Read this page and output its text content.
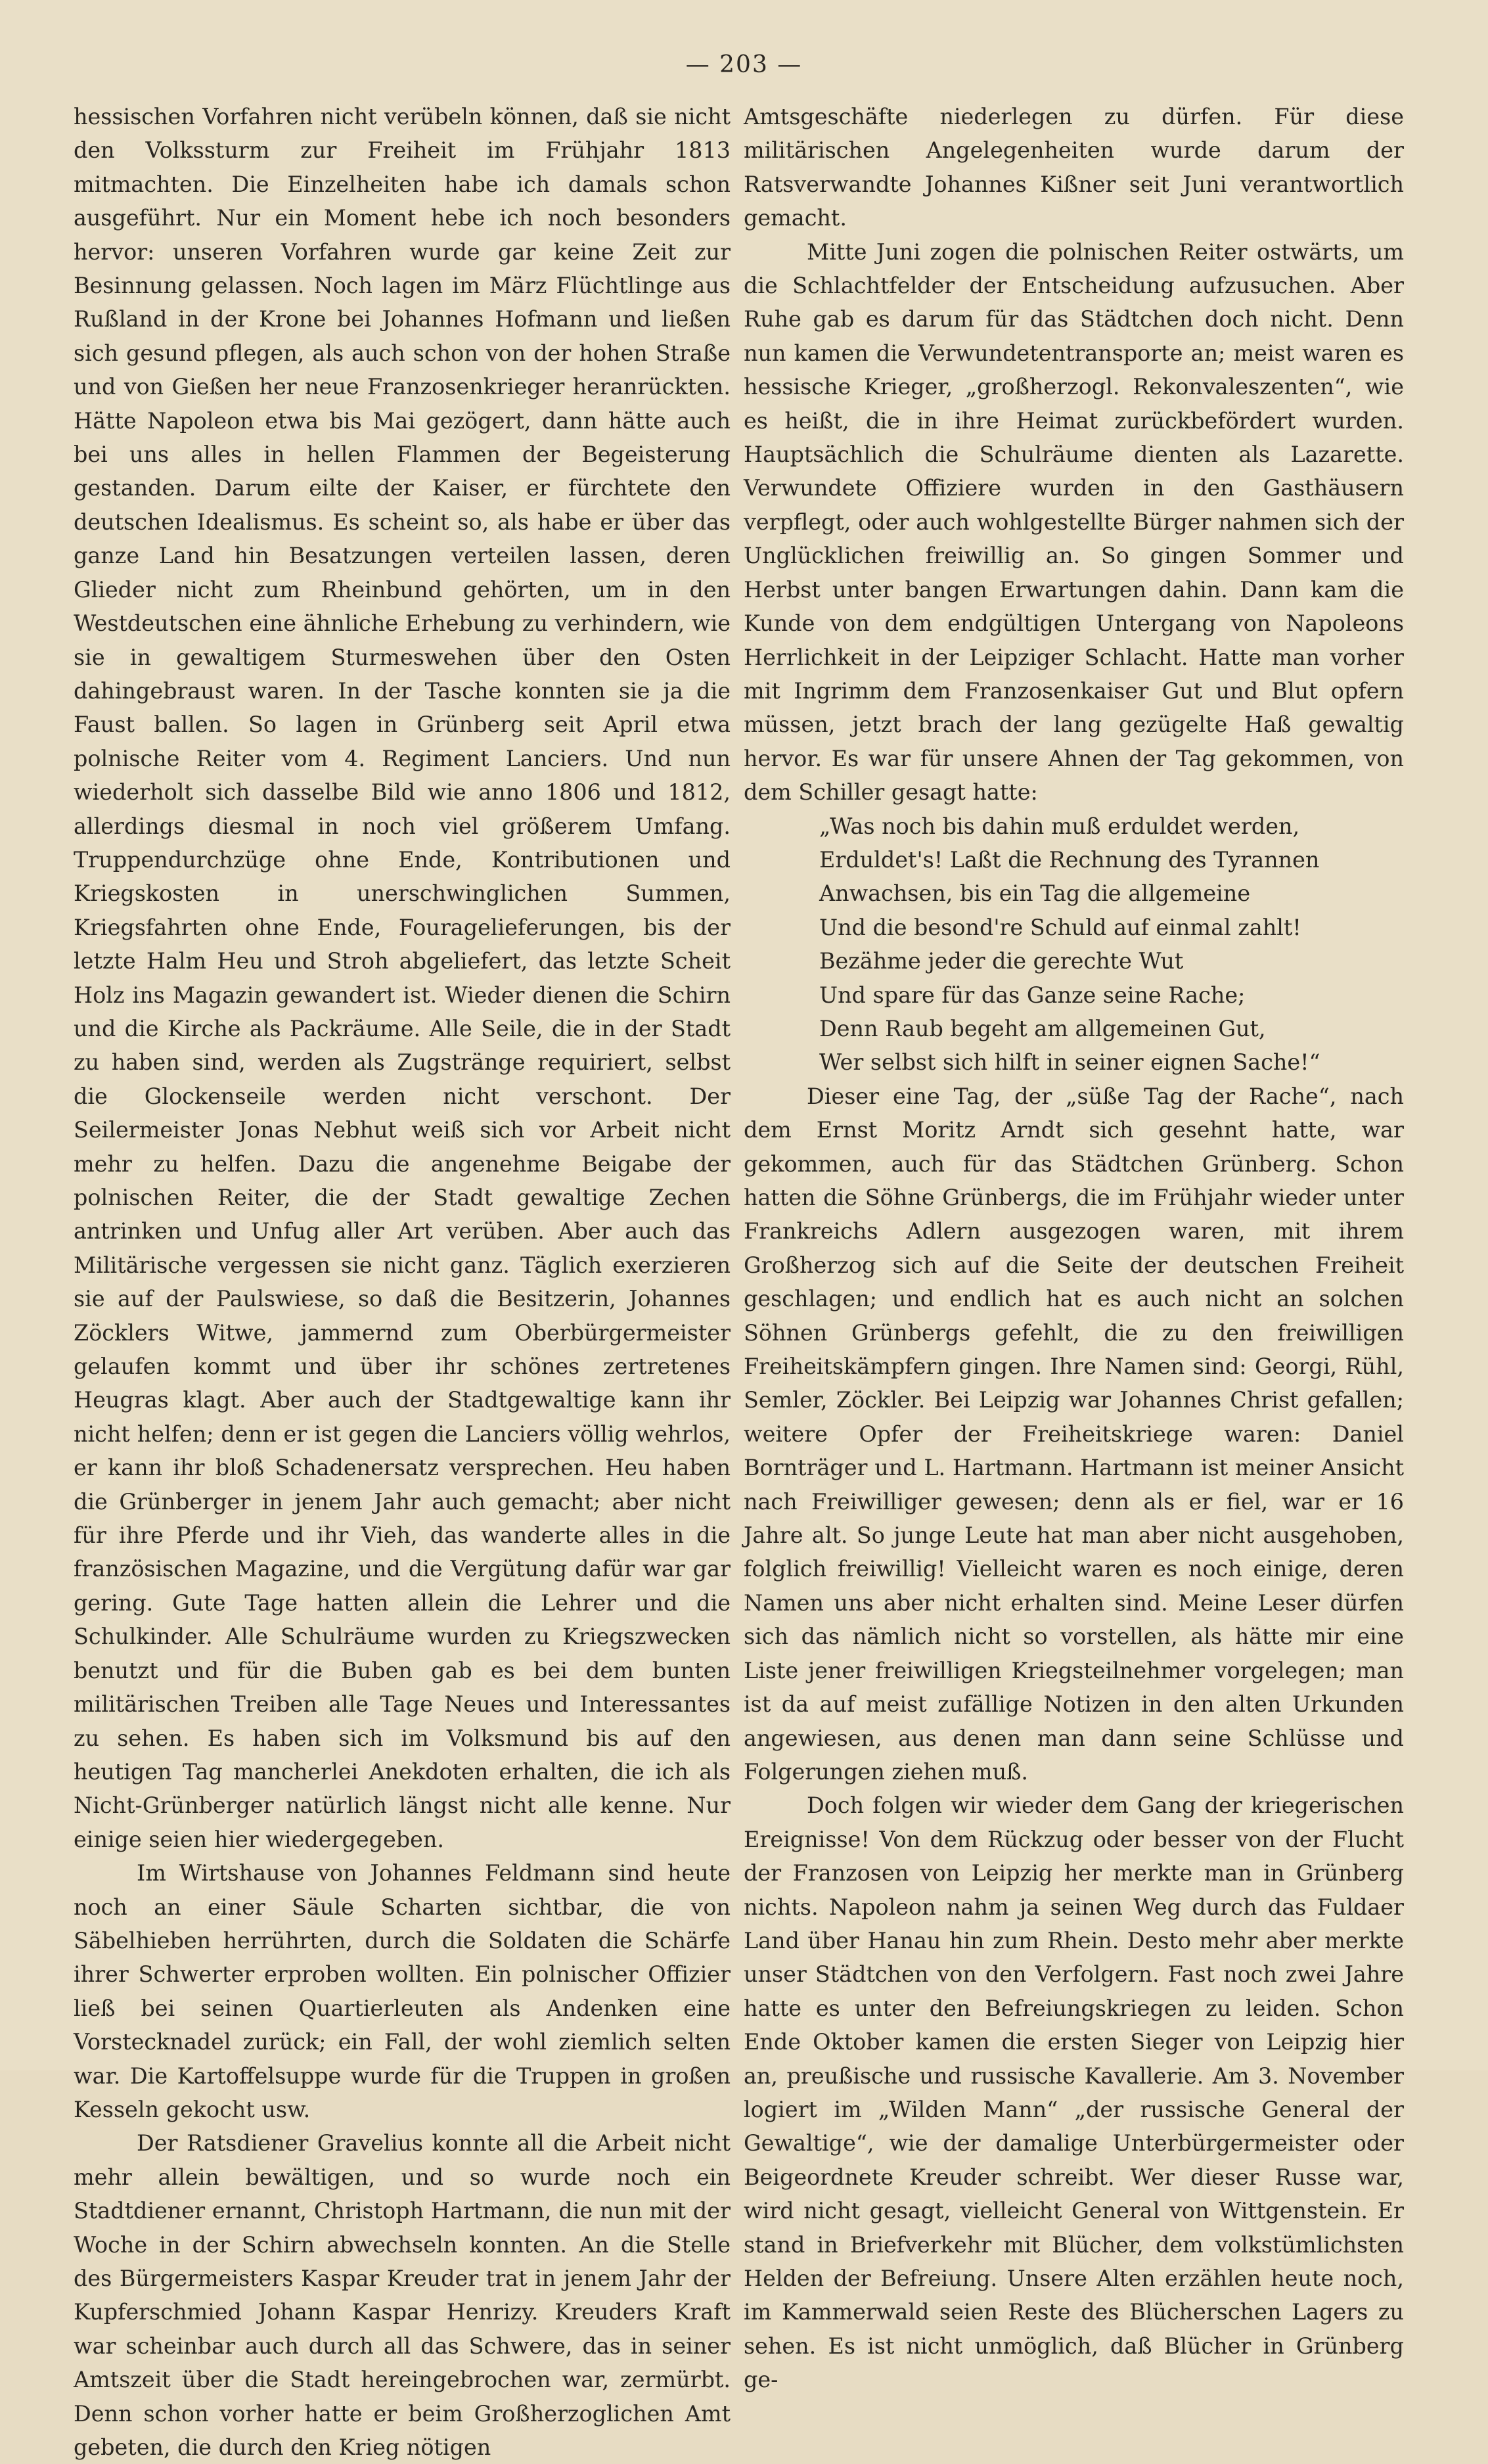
— 203 —

hessischen Vorfahren nicht verübeln können, daß sie nicht den Volkssturm zur Freiheit im Frühjahr 1813 mitmachten. Die Einzelheiten habe ich damals schon ausgeführt. Nur ein Moment hebe ich noch besonders hervor: unseren Vorfahren wurde gar keine Zeit zur Besinnung gelassen. Noch lagen im März Flüchtlinge aus Rußland in der Krone bei Johannes Hofmann und ließen sich gesund pflegen, als auch schon von der hohen Straße und von Gießen her neue Franzosenkrieger heranrückten. Hätte Napoleon etwa bis Mai gezögert, dann hätte auch bei uns alles in hellen Flammen der Begeisterung gestanden. Darum eilte der Kaiser, er fürchtete den deutschen Idealismus. Es scheint so, als habe er über das ganze Land hin Besatzungen verteilen lassen, deren Glieder nicht zum Rheinbund gehörten, um in den Westdeutschen eine ähnliche Erhebung zu verhindern, wie sie in gewaltigem Sturmeswehen über den Osten dahingebraust waren. In der Tasche konnten sie ja die Faust ballen. So lagen in Grünberg seit April etwa polnische Reiter vom 4. Regiment Lanciers. Und nun wiederholt sich dasselbe Bild wie anno 1806 und 1812, allerdings diesmal in noch viel größerem Umfang. Truppendurchzüge ohne Ende, Kontributionen und Kriegskosten in unerschwinglichen Summen, Kriegsfahrten ohne Ende, Fouragelieferungen, bis der letzte Halm Heu und Stroh abgeliefert, das letzte Scheit Holz ins Magazin gewandert ist. Wieder dienen die Schirn und die Kirche als Packräume. Alle Seile, die in der Stadt zu haben sind, werden als Zugstränge requiriert, selbst die Glockenseile werden nicht verschont. Der Seilermeister Jonas Nebhut weiß sich vor Arbeit nicht mehr zu helfen. Dazu die angenehme Beigabe der polnischen Reiter, die der Stadt gewaltige Zechen antrinken und Unfug aller Art verüben. Aber auch das Militärische vergessen sie nicht ganz. Täglich exerzieren sie auf der Paulswiese, so daß die Besitzerin, Johannes Zöcklers Witwe, jammernd zum Oberbürgermeister gelaufen kommt und über ihr schönes zertretenes Heugras klagt. Aber auch der Stadtgewaltige kann ihr nicht helfen; denn er ist gegen die Lanciers völlig wehrlos, er kann ihr bloß Schadenersatz versprechen. Heu haben die Grünberger in jenem Jahr auch gemacht; aber nicht für ihre Pferde und ihr Vieh, das wanderte alles in die französischen Magazine, und die Vergütung dafür war gar gering. Gute Tage hatten allein die Lehrer und die Schulkinder. Alle Schulräume wurden zu Kriegszwecken benutzt und für die Buben gab es bei dem bunten militärischen Treiben alle Tage Neues und Interessantes zu sehen. Es haben sich im Volksmund bis auf den heutigen Tag mancherlei Anekdoten erhalten, die ich als Nicht-Grünberger natürlich längst nicht alle kenne. Nur einige seien hier wiedergegeben.

Im Wirtshause von Johannes Feldmann sind heute noch an einer Säule Scharten sichtbar, die von Säbelhieben herrührten, durch die Soldaten die Schärfe ihrer Schwerter erproben wollten. Ein polnischer Offizier ließ bei seinen Quartierleuten als Andenken eine Vorstecknadel zurück; ein Fall, der wohl ziemlich selten war. Die Kartoffelsuppe wurde für die Truppen in großen Kesseln gekocht usw.

Der Ratsdiener Gravelius konnte all die Arbeit nicht mehr allein bewältigen, und so wurde noch ein Stadtdiener ernannt, Christoph Hartmann, die nun mit der Woche in der Schirn abwechseln konnten. An die Stelle des Bürgermeisters Kaspar Kreuder trat in jenem Jahr der Kupferschmied Johann Kaspar Henrizy. Kreuders Kraft war scheinbar auch durch all das Schwere, das in seiner Amtszeit über die Stadt hereingebrochen war, zermürbt. Denn schon vorher hatte er beim Großherzoglichen Amt gebeten, die durch den Krieg nötigen

Amtsgeschäfte niederlegen zu dürfen. Für diese militärischen Angelegenheiten wurde darum der Ratsverwandte Johannes Kißner seit Juni verantwortlich gemacht.

Mitte Juni zogen die polnischen Reiter ostwärts, um die Schlachtfelder der Entscheidung aufzusuchen. Aber Ruhe gab es darum für das Städtchen doch nicht. Denn nun kamen die Verwundetentransporte an; meist waren es hessische Krieger, „großherzogl. Rekonvaleszenten“, wie es heißt, die in ihre Heimat zurückbefördert wurden. Hauptsächlich die Schulräume dienten als Lazarette. Verwundete Offiziere wurden in den Gasthäusern verpflegt, oder auch wohlgestellte Bürger nahmen sich der Unglücklichen freiwillig an. So gingen Sommer und Herbst unter bangen Erwartungen dahin. Dann kam die Kunde von dem endgültigen Untergang von Napoleons Herrlichkeit in der Leipziger Schlacht. Hatte man vorher mit Ingrimm dem Franzosenkaiser Gut und Blut opfern müssen, jetzt brach der lang gezügelte Haß gewaltig hervor. Es war für unsere Ahnen der Tag gekommen, von dem Schiller gesagt hatte:

„Was noch bis dahin muß erduldet werden,
Erduldet's! Laßt die Rechnung des Tyrannen
Anwachsen, bis ein Tag die allgemeine
Und die besond're Schuld auf einmal zahlt!
Bezähme jeder die gerechte Wut
Und spare für das Ganze seine Rache;
Denn Raub begeht am allgemeinen Gut,
Wer selbst sich hilft in seiner eignen Sache!“

Dieser eine Tag, der „süße Tag der Rache“, nach dem Ernst Moritz Arndt sich gesehnt hatte, war gekommen, auch für das Städtchen Grünberg. Schon hatten die Söhne Grünbergs, die im Frühjahr wieder unter Frankreichs Adlern ausgezogen waren, mit ihrem Großherzog sich auf die Seite der deutschen Freiheit geschlagen; und endlich hat es auch nicht an solchen Söhnen Grünbergs gefehlt, die zu den freiwilligen Freiheitskämpfern gingen. Ihre Namen sind: Georgi, Rühl, Semler, Zöckler. Bei Leipzig war Johannes Christ gefallen; weitere Opfer der Freiheitskriege waren: Daniel Bornträger und L. Hartmann. Hartmann ist meiner Ansicht nach Freiwilliger gewesen; denn als er fiel, war er 16 Jahre alt. So junge Leute hat man aber nicht ausgehoben, folglich freiwillig! Vielleicht waren es noch einige, deren Namen uns aber nicht erhalten sind. Meine Leser dürfen sich das nämlich nicht so vorstellen, als hätte mir eine Liste jener freiwilligen Kriegsteilnehmer vorgelegen; man ist da auf meist zufällige Notizen in den alten Urkunden angewiesen, aus denen man dann seine Schlüsse und Folgerungen ziehen muß.

Doch folgen wir wieder dem Gang der kriegerischen Ereignisse! Von dem Rückzug oder besser von der Flucht der Franzosen von Leipzig her merkte man in Grünberg nichts. Napoleon nahm ja seinen Weg durch das Fuldaer Land über Hanau hin zum Rhein. Desto mehr aber merkte unser Städtchen von den Verfolgern. Fast noch zwei Jahre hatte es unter den Befreiungskriegen zu leiden. Schon Ende Oktober kamen die ersten Sieger von Leipzig hier an, preußische und russische Kavallerie. Am 3. November logiert im „Wilden Mann“ „der russische General der Gewaltige“, wie der damalige Unterbürgermeister oder Beigeordnete Kreuder schreibt. Wer dieser Russe war, wird nicht gesagt, vielleicht General von Wittgenstein. Er stand in Briefverkehr mit Blücher, dem volkstümlichsten Helden der Befreiung. Unsere Alten erzählen heute noch, im Kammerwald seien Reste des Blücherschen Lagers zu sehen. Es ist nicht unmöglich, daß Blücher in Grünberg ge-
